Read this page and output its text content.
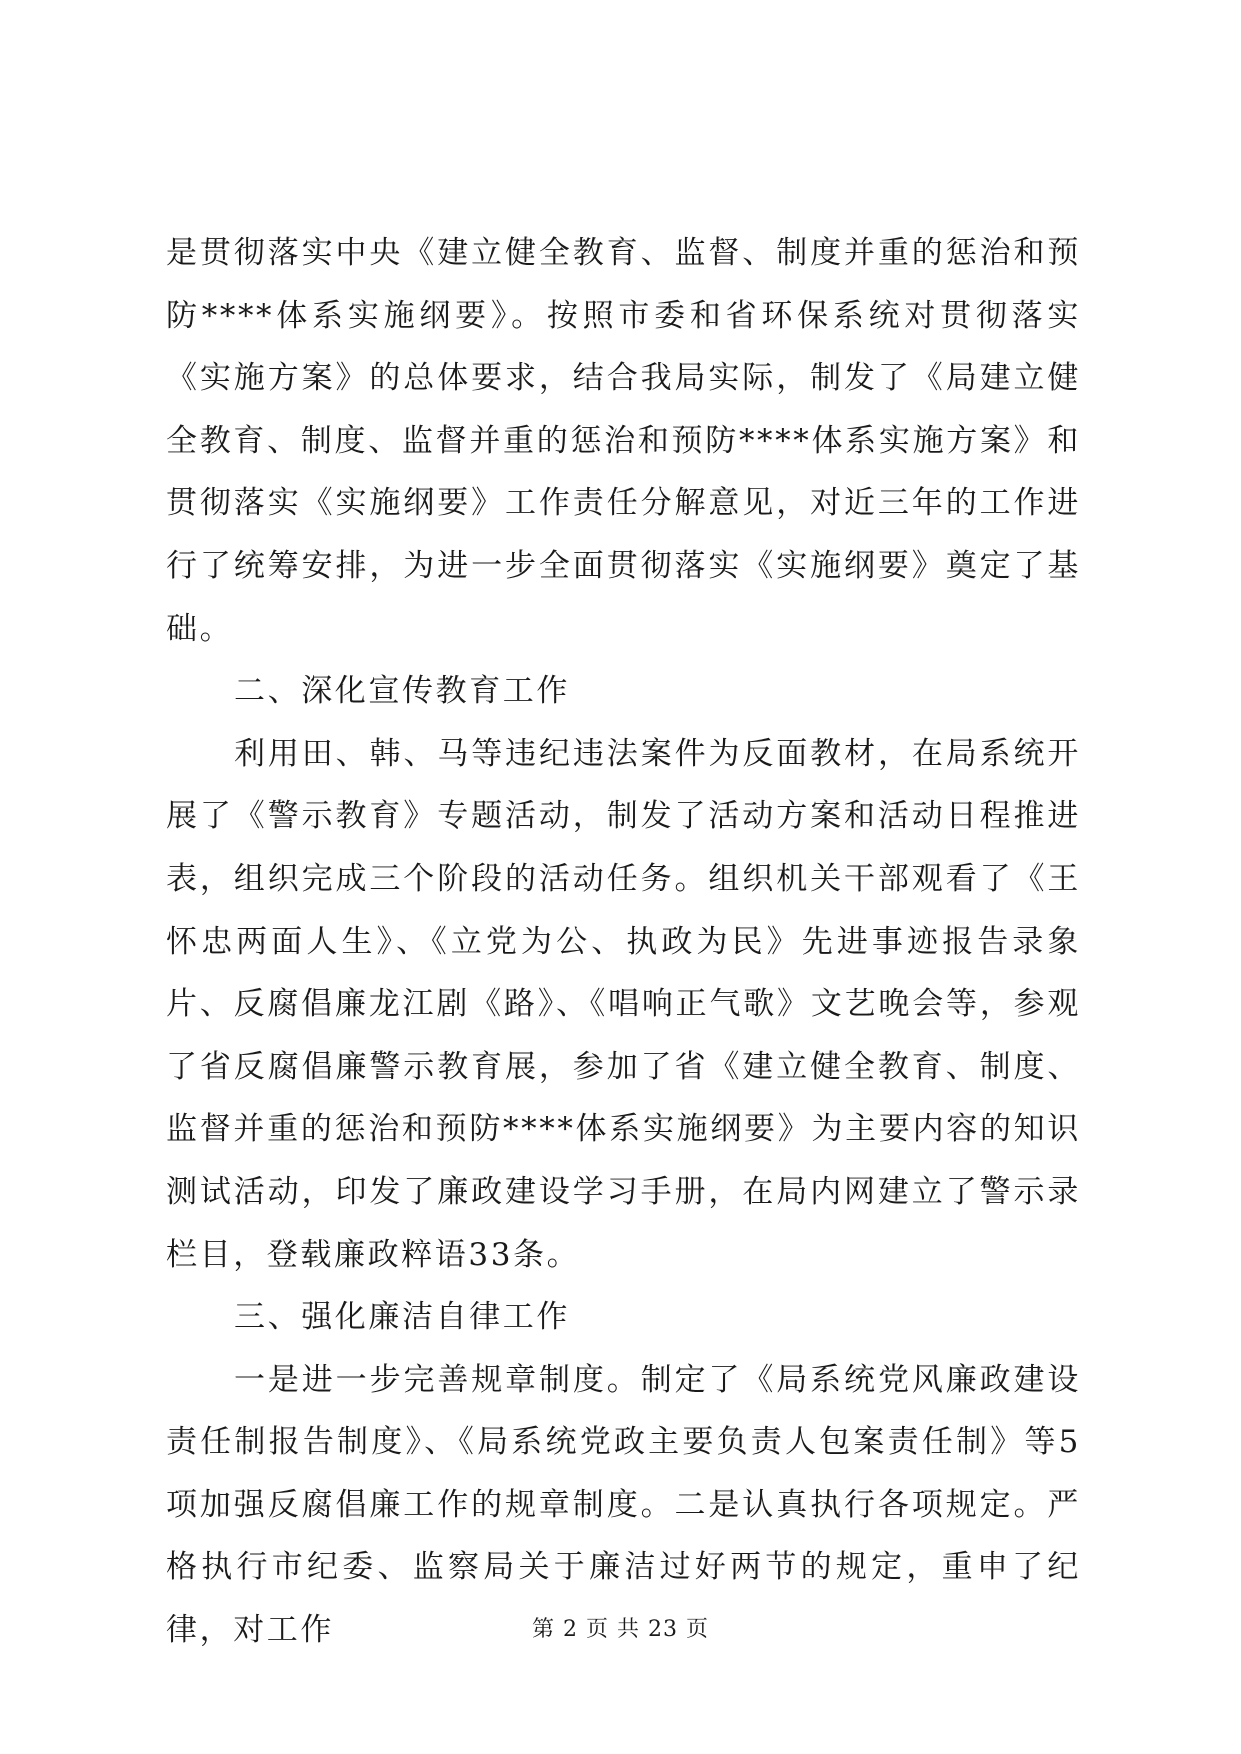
是贯彻落实中央《建立健全教育、监督、制度并重的惩治和预防****体系实施纲要》。按照市委和省环保系统对贯彻落实《实施方案》的总体要求，结合我局实际，制发了《局建立健全教育、制度、监督并重的惩治和预防****体系实施方案》和贯彻落实《实施纲要》工作责任分解意见，对近三年的工作进行了统筹安排，为进一步全面贯彻落实《实施纲要》奠定了基础。

二、深化宣传教育工作

利用田、韩、马等违纪违法案件为反面教材，在局系统开展了《警示教育》专题活动，制发了活动方案和活动日程推进表，组织完成三个阶段的活动任务。组织机关干部观看了《王怀忠两面人生》、《立党为公、执政为民》先进事迹报告录象片、反腐倡廉龙江剧《路》、《唱响正气歌》文艺晚会等，参观了省反腐倡廉警示教育展，参加了省《建立健全教育、制度、监督并重的惩治和预防****体系实施纲要》为主要内容的知识测试活动，印发了廉政建设学习手册，在局内网建立了警示录栏目，登载廉政粹语33条。

三、强化廉洁自律工作

一是进一步完善规章制度。制定了《局系统党风廉政建设责任制报告制度》、《局系统党政主要负责人包案责任制》等5项加强反腐倡廉工作的规章制度。二是认真执行各项规定。严格执行市纪委、监察局关于廉洁过好两节的规定，重申了纪律，对工作	第 2 页 共 23 页
